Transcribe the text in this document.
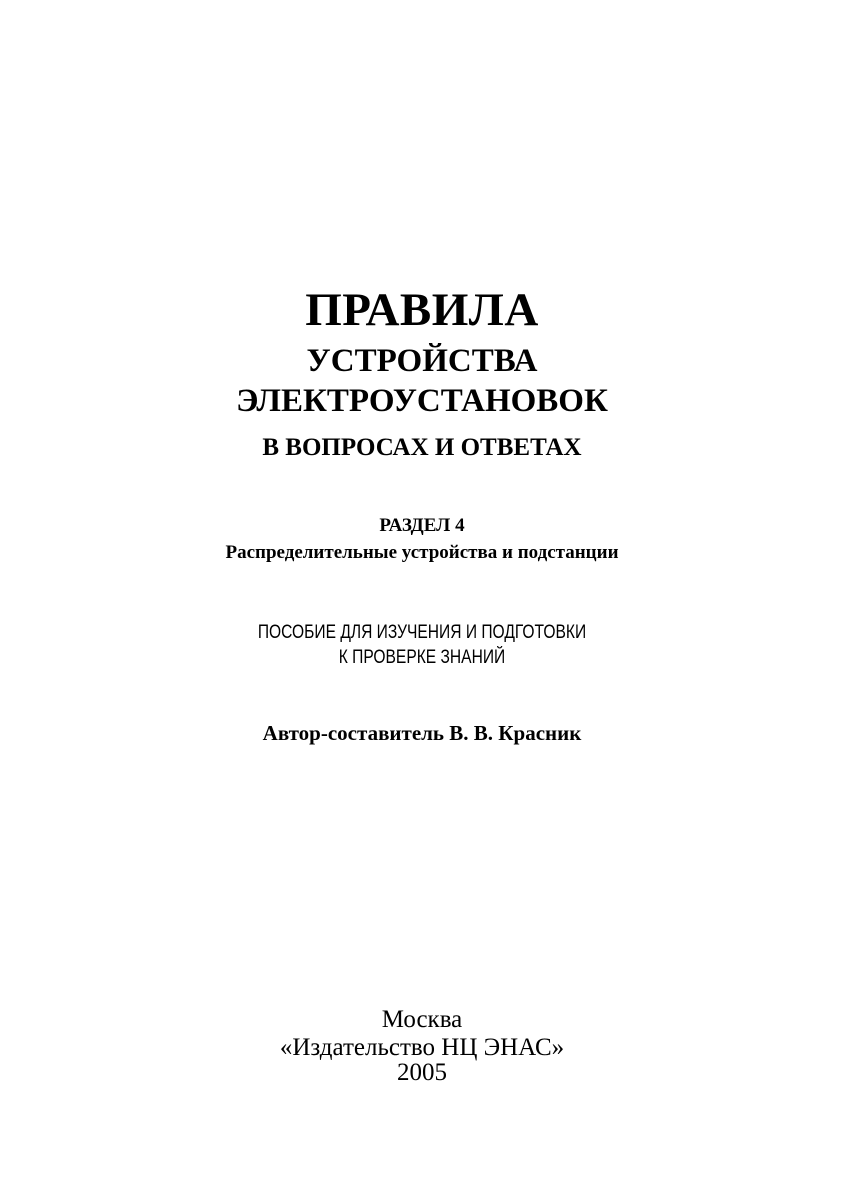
ПРАВИЛА
УСТРОЙСТВА
ЭЛЕКТРОУСТАНОВОК
В ВОПРОСАХ И ОТВЕТАХ
РАЗДЕЛ 4
Распределительные устройства и подстанции
ПОСОБИЕ ДЛЯ ИЗУЧЕНИЯ И ПОДГОТОВКИ
К ПРОВЕРКЕ ЗНАНИЙ
Автор-составитель В. В. Красник
Москва
«Издательство НЦ ЭНАС»
2005
